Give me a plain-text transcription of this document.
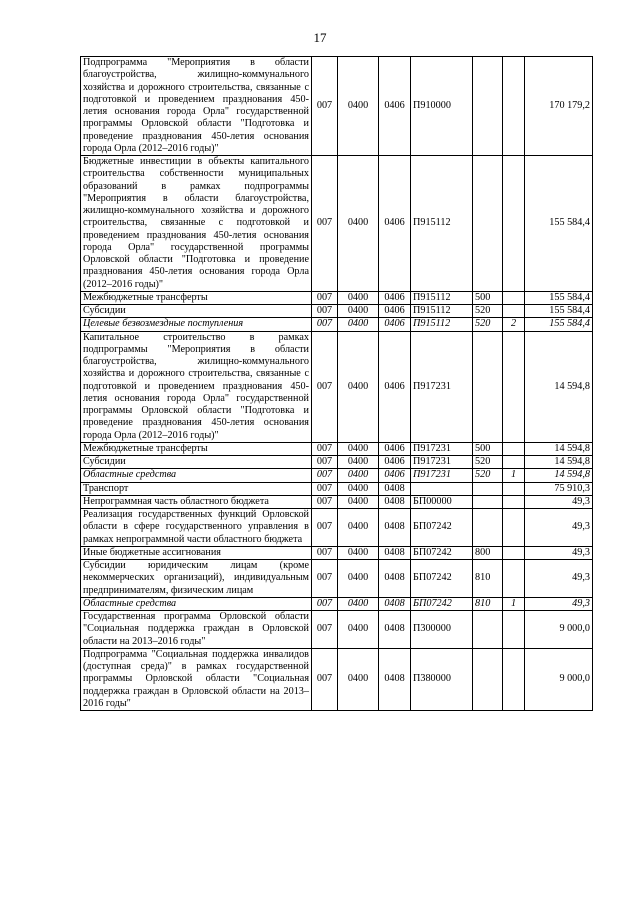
17
Подпрограмма "Мероприятия в области благоустройства, жилищно-коммунального хозяйства и дорожного строительства, связанные с подготовкой и проведением празднования 450-летия основания города Орла" государственной программы Орловской области "Подготовка и проведение празднования 450-летия основания города Орла (2012–2016 годы)"	007	0400	0406	П910000			170 179,2
Бюджетные инвестиции в объекты капитального строительства собственности муниципальных образований в рамках подпрограммы "Мероприятия в области благоустройства, жилищно-коммунального хозяйства и дорожного строительства, связанные с подготовкой и проведением празднования 450-летия основания города Орла" государственной программы Орловской области "Подготовка и проведение празднования 450-летия основания города Орла (2012–2016 годы)"	007	0400	0406	П915112			155 584,4
Межбюджетные трансферты	007	0400	0406	П915112	500		155 584,4
Субсидии	007	0400	0406	П915112	520		155 584,4
Целевые безвозмездные поступления	007	0400	0406	П915112	520	2	155 584,4
Капитальное строительство в рамках подпрограммы "Мероприятия в области благоустройства, жилищно-коммунального хозяйства и дорожного строительства, связанные с подготовкой и проведением празднования 450-летия основания города Орла" государственной программы Орловской области "Подготовка и проведение празднования 450-летия основания города Орла (2012–2016 годы)"	007	0400	0406	П917231			14 594,8
Межбюджетные трансферты	007	0400	0406	П917231	500		14 594,8
Субсидии	007	0400	0406	П917231	520		14 594,8
Областные средства	007	0400	0406	П917231	520	1	14 594,8
Транспорт	007	0400	0408				75 910,3
Непрограммная часть областного бюджета	007	0400	0408	БП00000			49,3
Реализация государственных функций Орловской области в сфере государственного управления в рамках непрограммной части областного бюджета	007	0400	0408	БП07242			49,3
Иные бюджетные ассигнования	007	0400	0408	БП07242	800		49,3
Субсидии юридическим лицам (кроме некоммерческих организаций), индивидуальным предпринимателям, физическим лицам	007	0400	0408	БП07242	810		49,3
Областные средства	007	0400	0408	БП07242	810	1	49,3
Государственная программа Орловской области "Социальная поддержка граждан в Орловской области на 2013–2016 годы"	007	0400	0408	П300000			9 000,0
Подпрограмма "Социальная поддержка инвалидов (доступная среда)" в рамках государственной программы Орловской области "Социальная поддержка граждан в Орловской области на 2013–2016 годы"	007	0400	0408	П380000			9 000,0
